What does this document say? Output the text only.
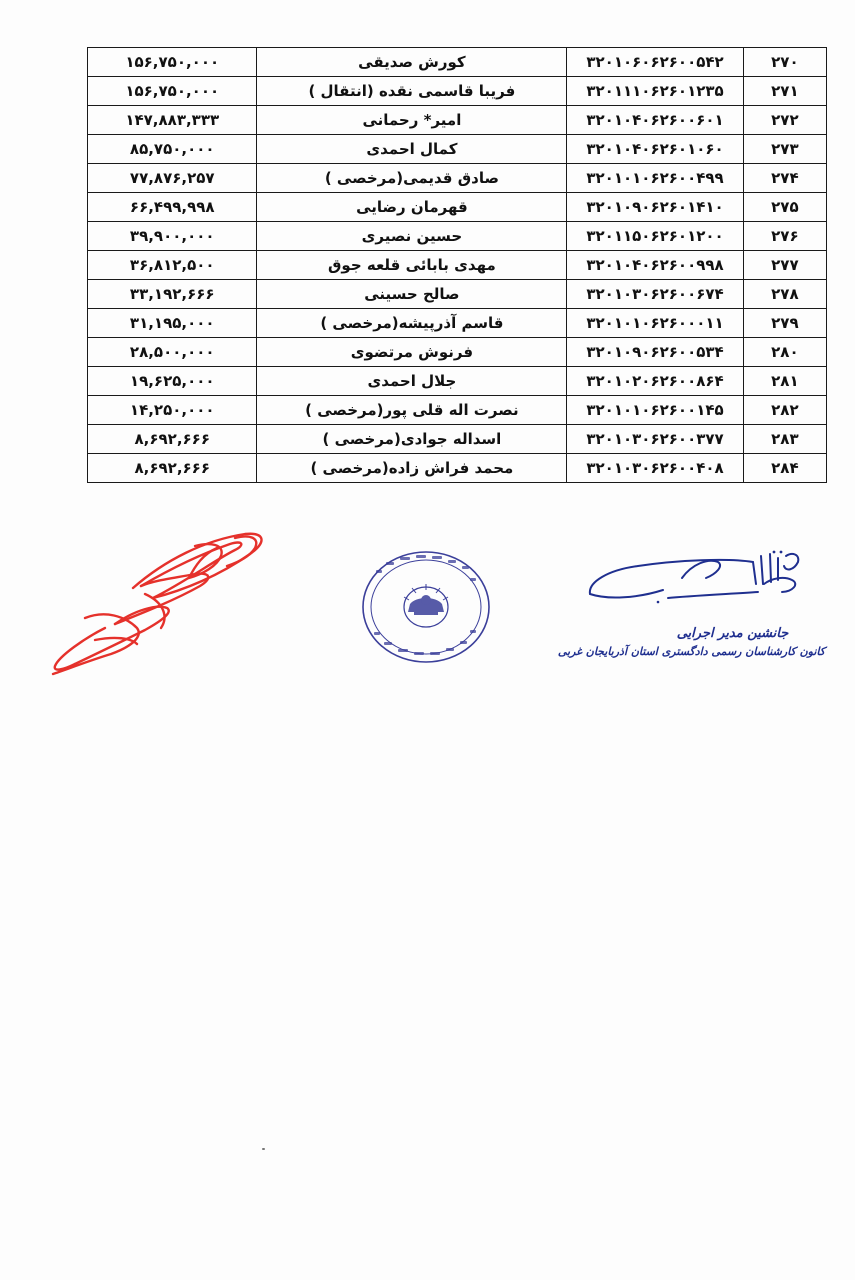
۲۷۰	۳۲۰۱۰۶۰۶۲۶۰۰۵۴۲	کورش صدیقی	۱۵۶,۷۵۰,۰۰۰
۲۷۱	۳۲۰۱۱۱۰۶۲۶۰۱۲۳۵	فریبا قاسمی نقده (انتقال )	۱۵۶,۷۵۰,۰۰۰
۲۷۲	۳۲۰۱۰۴۰۶۲۶۰۰۶۰۱	امیر* رحمانی	۱۴۷,۸۸۳,۳۳۳
۲۷۳	۳۲۰۱۰۴۰۶۲۶۰۱۰۶۰	کمال احمدی	۸۵,۷۵۰,۰۰۰
۲۷۴	۳۲۰۱۰۱۰۶۲۶۰۰۴۹۹	صادق قدیمی(مرخصی )	۷۷,۸۷۶,۲۵۷
۲۷۵	۳۲۰۱۰۹۰۶۲۶۰۱۴۱۰	قهرمان رضایی	۶۶,۴۹۹,۹۹۸
۲۷۶	۳۲۰۱۱۵۰۶۲۶۰۱۲۰۰	حسین نصیری	۳۹,۹۰۰,۰۰۰
۲۷۷	۳۲۰۱۰۴۰۶۲۶۰۰۹۹۸	مهدی بابائی قلعه جوق	۳۶,۸۱۲,۵۰۰
۲۷۸	۳۲۰۱۰۳۰۶۲۶۰۰۶۷۴	صالح حسینی	۳۳,۱۹۲,۶۶۶
۲۷۹	۳۲۰۱۰۱۰۶۲۶۰۰۰۱۱	قاسم آذرپیشه(مرخصی )	۳۱,۱۹۵,۰۰۰
۲۸۰	۳۲۰۱۰۹۰۶۲۶۰۰۵۳۴	فرنوش مرتضوی	۲۸,۵۰۰,۰۰۰
۲۸۱	۳۲۰۱۰۲۰۶۲۶۰۰۸۶۴	جلال احمدی	۱۹,۶۲۵,۰۰۰
۲۸۲	۳۲۰۱۰۱۰۶۲۶۰۰۱۴۵	نصرت اله قلی پور(مرخصی )	۱۴,۲۵۰,۰۰۰
۲۸۳	۳۲۰۱۰۳۰۶۲۶۰۰۳۷۷	اسداله جوادی(مرخصی )	۸,۶۹۲,۶۶۶
۲۸۴	۳۲۰۱۰۳۰۶۲۶۰۰۴۰۸	محمد فراش زاده(مرخصی )	۸,۶۹۲,۶۶۶
جانشین مدیر اجرایی
کانون کارشناسان رسمی دادگستری استان آذربایجان غربی
